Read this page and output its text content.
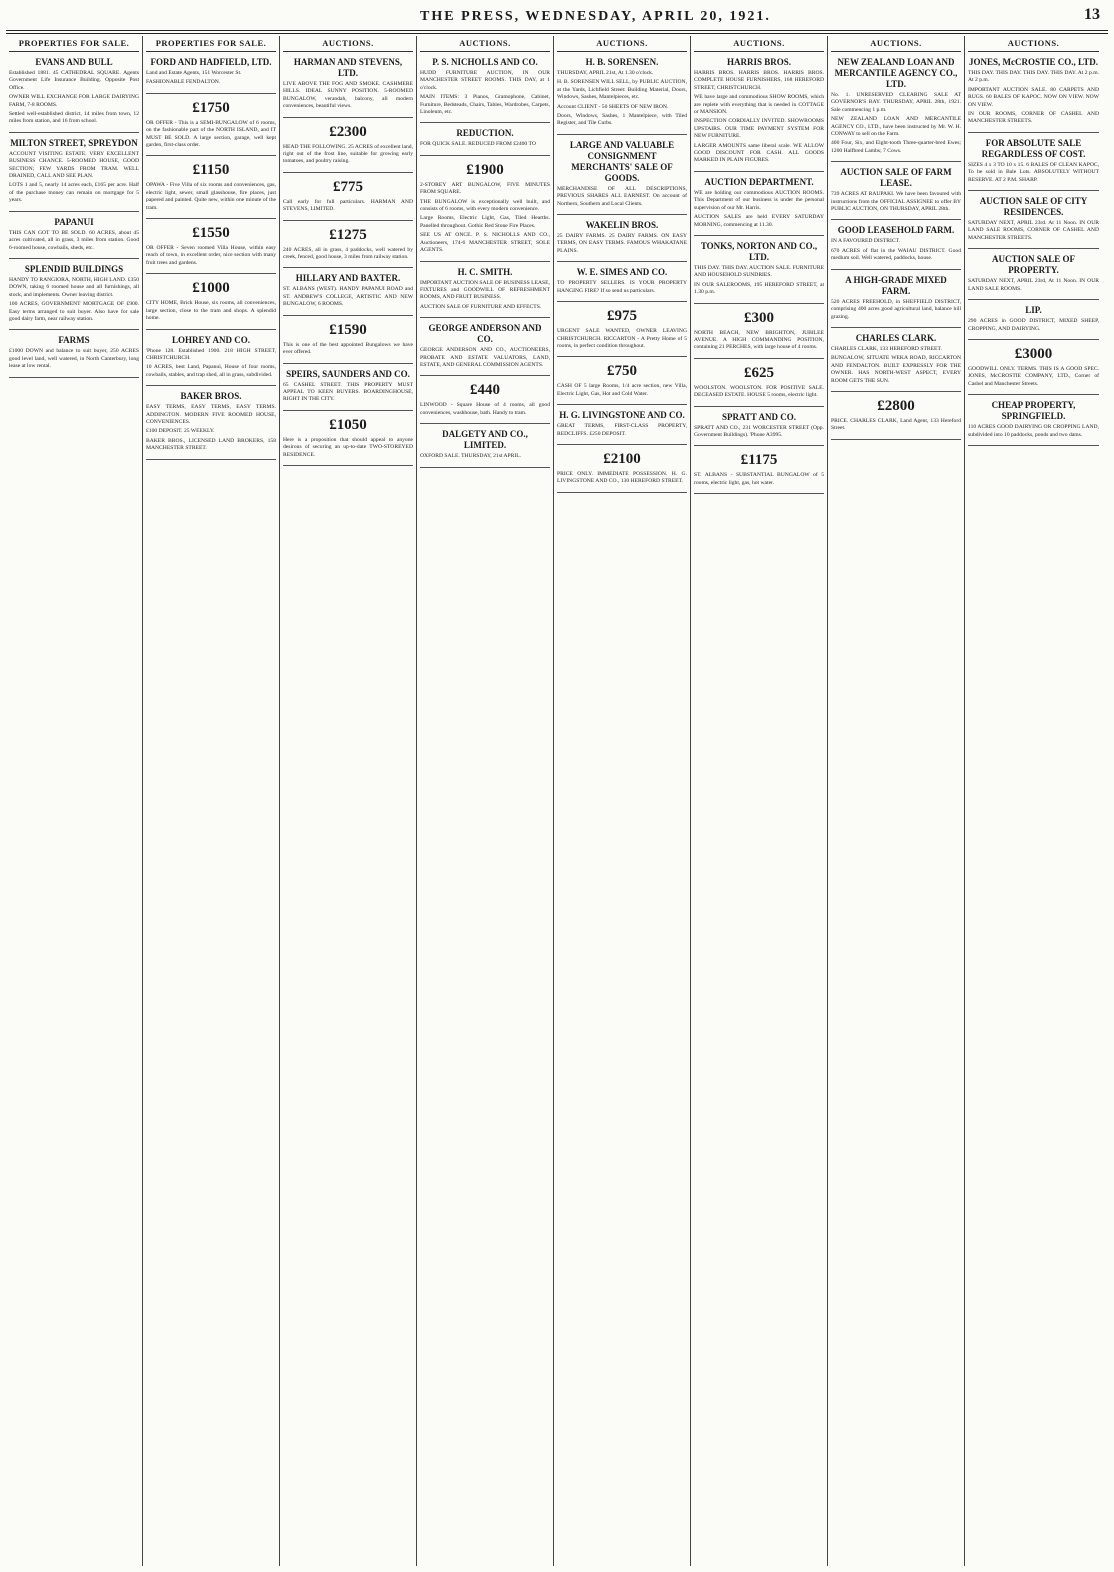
THE PRESS, WEDNESDAY, APRIL 20, 1921.	13
PROPERTIES FOR SALE.
EVANS AND BULL
Established 1881. 45 CATHEDRAL SQUARE. Agents Government Life Insurance Building. Opposite Post Office.
OWNER WILL EXCHANGE FOR LARGE DAIRYING FARM, 7-8 ROOMS.
Settled well-established district, 14 miles from town, 12 miles from station, and 16 from school.
MILTON STREET, SPREYDON
ACCOUNT VISITING ESTATE. VERY EXCELLENT BUSINESS CHANCE. 5-ROOMED HOUSE, GOOD SECTION; FEW YARDS FROM TRAM. WELL DRAINED, CALL AND SEE PLAN.
LOTS 1 and 5, nearly 14 acres each, £165 per acre. Half of the purchase money can remain on mortgage for 5 years.
PAPANUI
THIS CAN GOT TO BE SOLD. 60 ACRES, about 45 acres cultivated, all in grass, 3 miles from station. Good 6-roomed house, cowbails, sheds, etc.
SPLENDID BUILDINGS
HANDY TO RANGIORA, NORTH, HIGH LAND. £350 DOWN, taking 6 roomed house and all furnishings, all stock, and implements. Owner leaving district.
100 ACRES, GOVERNMENT MORTGAGE OF £900. Easy terms arranged to suit buyer. Also have for sale good dairy farm, near railway station.
FARMS
£1000 DOWN and balance to suit buyer, 250 ACRES good level land, well watered, in North Canterbury, long lease at low rental.
PROPERTIES FOR SALE.
FORD AND HADFIELD, LTD.
Land and Estate Agents, 151 Worcester St.
FASHIONABLE FENDALTON.
£1750
OR OFFER - This is a SEMI-BUNGALOW of 6 rooms, on the fashionable part of the NORTH ISLAND, and IT MUST BE SOLD. A large section, garage, well kept garden, first-class order.
£1150
OPAWA - Five Villa of six rooms and conveniences, gas, electric light, sewer, small glasshouse, fire places, just papered and painted. Quite new, within one minute of the tram.
£1550
OR OFFER - Seven roomed Villa House, within easy reach of town, in excellent order, nice section with many fruit trees and gardens.
£1000
CITY HOME, Brick House, six rooms, all conveniences, large section, close to the tram and shops. A splendid home.
LOHREY AND CO.
'Phone 128. Established 1900. 218 HIGH STREET, CHRISTCHURCH.
10 ACRES, best Land, Papanui, House of four rooms, cowbails, stables, and trap shed, all in grass, subdivided.
BAKER BROS.
EASY TERMS, EASY TERMS, EASY TERMS. ADDINGTON. MODERN FIVE ROOMED HOUSE, CONVENIENCES.
£100 DEPOSIT. 25 WEEKLY.
BAKER BROS., LICENSED LAND BROKERS, 158 MANCHESTER STREET.
AUCTIONS.
HARMAN AND STEVENS, LTD.
LIVE ABOVE THE FOG AND SMOKE. CASHMERE HILLS. IDEAL SUNNY POSITION. 5-ROOMED BUNGALOW, verandah, balcony, all modern conveniences, beautiful views.
£2300
HEAD THE FOLLOWING. 25 ACRES of excellent land, right out of the frost line, suitable for growing early tomatoes, and poultry raising.
£775
Call early for full particulars. HARMAN AND STEVENS, LIMITED.
£1275
240 ACRES, all in grass, 4 paddocks, well watered by creek, fenced, good house, 3 miles from railway station.
HILLARY AND BAXTER.
ST. ALBANS (WEST). HANDY PAPANUI ROAD and ST. ANDREW'S COLLEGE, ARTISTIC AND NEW BUNGALOW, 6 ROOMS.
£1590
This is one of the best appointed Bungalows we have ever offered.
SPEIRS, SAUNDERS AND CO.
65 CASHEL STREET. THIS PROPERTY MUST APPEAL TO KEEN BUYERS. BOARDINGHOUSE, RIGHT IN THE CITY.
£1050
Here is a proposition that should appeal to anyone desirous of securing an up-to-date TWO-STOREYED RESIDENCE.
AUCTIONS.
P. S. NICHOLLS AND CO.
HUDD FURNITURE AUCTION, IN OUR MANCHESTER STREET ROOMS. THIS DAY, at 1 o'clock.
MAIN ITEMS: 3 Pianos, Gramophone, Cabinet, Furniture, Bedsteads, Chairs, Tables, Wardrobes, Carpets, Linoleum, etc.
REDUCTION.
FOR QUICK SALE. REDUCED FROM £2400 TO
£1900
2-STOREY ART BUNGALOW, FIVE MINUTES FROM SQUARE.
THE BUNGALOW is exceptionally well built, and consists of 6 rooms, with every modern convenience.
Large Rooms, Electric Light, Gas, Tiled Hearths. Panelled throughout. Gothic Red Stone Fire Places.
SEE US AT ONCE. P. S. NICHOLLS AND CO., Auctioneers, 174-6 MANCHESTER STREET, SOLE AGENTS.
H. C. SMITH.
IMPORTANT AUCTION SALE OF BUSINESS LEASE, FIXTURES and GOODWILL OF REFRESHMENT ROOMS, AND FRUIT BUSINESS.
AUCTION SALE OF FURNITURE AND EFFECTS.
GEORGE ANDERSON AND CO.
GEORGE ANDERSON AND CO., AUCTIONEERS, PROBATE AND ESTATE VALUATORS, LAND, ESTATE, AND GENERAL COMMISSION AGENTS.
£440
LINWOOD - Square House of 4 rooms, all good conveniences, washhouse, bath. Handy to tram.
DALGETY AND CO., LIMITED.
OXFORD SALE. THURSDAY, 21st APRIL.
AUCTIONS.
H. B. SORENSEN.
THURSDAY, APRIL 21st, At 1.30 o'clock.
H. B. SORENSEN WILL SELL, by PUBLIC AUCTION, at the Yards, Lichfield Street: Building Material, Doors, Windows, Sashes, Mantelpieces, etc.
Account CLIENT - 50 SHEETS OF NEW IRON.
Doors, Windows, Sashes, 1 Mantelpiece, with Tiled Register, and Tile Curbs.
LARGE AND VALUABLE CONSIGNMENT MERCHANTS' SALE OF GOODS.
MERCHANDISE OF ALL DESCRIPTIONS, PREVIOUS SHARES ALL EARNEST. On account of Northern, Southern and Local Clients.
WAKELIN BROS.
25 DAIRY FARMS. 25 DAIRY FARMS. ON EASY TERMS, ON EASY TERMS. FAMOUS WHAKATANE PLAINS.
W. E. SIMES AND CO.
TO PROPERTY SELLERS. IS YOUR PROPERTY HANGING FIRE? If so send us particulars.
£975
URGENT SALE WANTED, OWNER LEAVING CHRISTCHURCH. RICCARTON - A Pretty Home of 5 rooms, in perfect condition throughout.
£750
CASH OF 5 large Rooms, 1/4 acre section, new Villa, Electric Light, Gas, Hot and Cold Water.
H. G. LIVINGSTONE AND CO.
GREAT TERMS, FIRST-CLASS PROPERTY, REDCLIFFS. £250 DEPOSIT.
£2100
PRICE ONLY. IMMEDIATE POSSESSION. H. G. LIVINGSTONE AND CO., 130 HEREFORD STREET.
AUCTIONS.
HARRIS BROS.
HARRIS BROS. HARRIS BROS. HARRIS BROS. COMPLETE HOUSE FURNISHERS, 168 HEREFORD STREET, CHRISTCHURCH.
WE have large and commodious SHOW ROOMS, which are replete with everything that is needed in COTTAGE or MANSION.
INSPECTION CORDIALLY INVITED. SHOWROOMS UPSTAIRS. OUR TIME PAYMENT SYSTEM FOR NEW FURNITURE.
LARGER AMOUNTS same liberal scale. WE ALLOW GOOD DISCOUNT FOR CASH. ALL GOODS MARKED IN PLAIN FIGURES.
AUCTION DEPARTMENT.
WE are holding our commodious AUCTION ROOMS. This Department of our business is under the personal supervision of our Mr. Harris.
AUCTION SALES are held EVERY SATURDAY MORNING, commencing at 11.30.
TONKS, NORTON AND CO., LTD.
THIS DAY. THIS DAY. AUCTION SALE. FURNITURE AND HOUSEHOLD SUNDRIES.
IN OUR SALEROOMS, 195 HEREFORD STREET, at 1.30 p.m.
£300
NORTH BEACH, NEW BRIGHTON, JUBILEE AVENUE. A HIGH COMMANDING POSITION, containing 21 PERCHES, with large house of 4 rooms.
£625
WOOLSTON. WOOLSTON. FOR POSITIVE SALE. DECEASED ESTATE. HOUSE 5 rooms, electric light.
SPRATT AND CO.
SPRATT AND CO., 231 WORCESTER STREET (Opp. Government Buildings). 'Phone A3995.
£1175
ST. ALBANS - SUBSTANTIAL BUNGALOW of 5 rooms, electric light, gas, hot water.
AUCTIONS.
NEW ZEALAND LOAN AND MERCANTILE AGENCY CO., LTD.
No. 1. UNRESERVED CLEARING SALE AT GOVERNOR'S BAY. THURSDAY, APRIL 28th, 1921. Sale commencing 1 p.m.
NEW ZEALAND LOAN AND MERCANTILE AGENCY CO., LTD., have been instructed by Mr. W. H. CONWAY to sell on the Farm.
400 Four, Six, and Eight-tooth Three-quarter-bred Ewes; 1200 Halfbred Lambs; 7 Cows.
AUCTION SALE OF FARM LEASE.
739 ACRES AT RAUPAKI. We have been favoured with instructions from the OFFICIAL ASSIGNEE to offer BY PUBLIC AUCTION, ON THURSDAY, APRIL 28th.
GOOD LEASEHOLD FARM.
IN A FAVOURED DISTRICT.
670 ACRES of flat in the WAIAU DISTRICT. Good medium soil. Well watered, paddocks, house.
A HIGH-GRADE MIXED FARM.
520 ACRES FREEHOLD, in SHEFFIELD DISTRICT, comprising 400 acres good agricultural land, balance hill grazing.
CHARLES CLARK.
CHARLES CLARK, 133 HEREFORD STREET.
BUNGALOW, SITUATE WEKA ROAD, RICCARTON AND FENDALTON. BUILT EXPRESSLY FOR THE OWNER. HAS NORTH-WEST ASPECT, EVERY ROOM GETS THE SUN.
£2800
PRICE. CHARLES CLARK, Land Agent, 133 Hereford Street.
AUCTIONS.
JONES, McCROSTIE CO., LTD.
THIS DAY. THIS DAY. THIS DAY. THIS DAY. At 2 p.m. At 2 p.m.
IMPORTANT AUCTION SALE. 80 CARPETS AND RUGS. 60 BALES OF KAPOC. NOW ON VIEW. NOW ON VIEW.
IN OUR ROOMS, CORNER OF CASHEL AND MANCHESTER STREETS.
FOR ABSOLUTE SALE REGARDLESS OF COST.
SIZES 4 x 3 TO 10 x 15. 6 BALES OF CLEAN KAPOC, To be sold in Bale Lots. ABSOLUTELY WITHOUT RESERVE. AT 2 P.M. SHARP.
AUCTION SALE OF CITY RESIDENCES.
SATURDAY NEXT, APRIL 23rd. At 11 Noon. IN OUR LAND SALE ROOMS, CORNER OF CASHEL AND MANCHESTER STREETS.
AUCTION SALE OF PROPERTY.
SATURDAY NEXT, APRIL 23rd, At 11 Noon. IN OUR LAND SALE ROOMS.
LIP.
290 ACRES in GOOD DISTRICT, MIXED SHEEP, CROPPING, AND DAIRYING.
£3000
GOODWILL ONLY. TERMS. THIS IS A GOOD SPEC. JONES, McCROSTIE COMPANY, LTD., Corner of Cashel and Manchester Streets.
CHEAP PROPERTY, SPRINGFIELD.
110 ACRES GOOD DAIRYING OR CROPPING LAND, subdivided into 10 paddocks, ponds and two dams.
